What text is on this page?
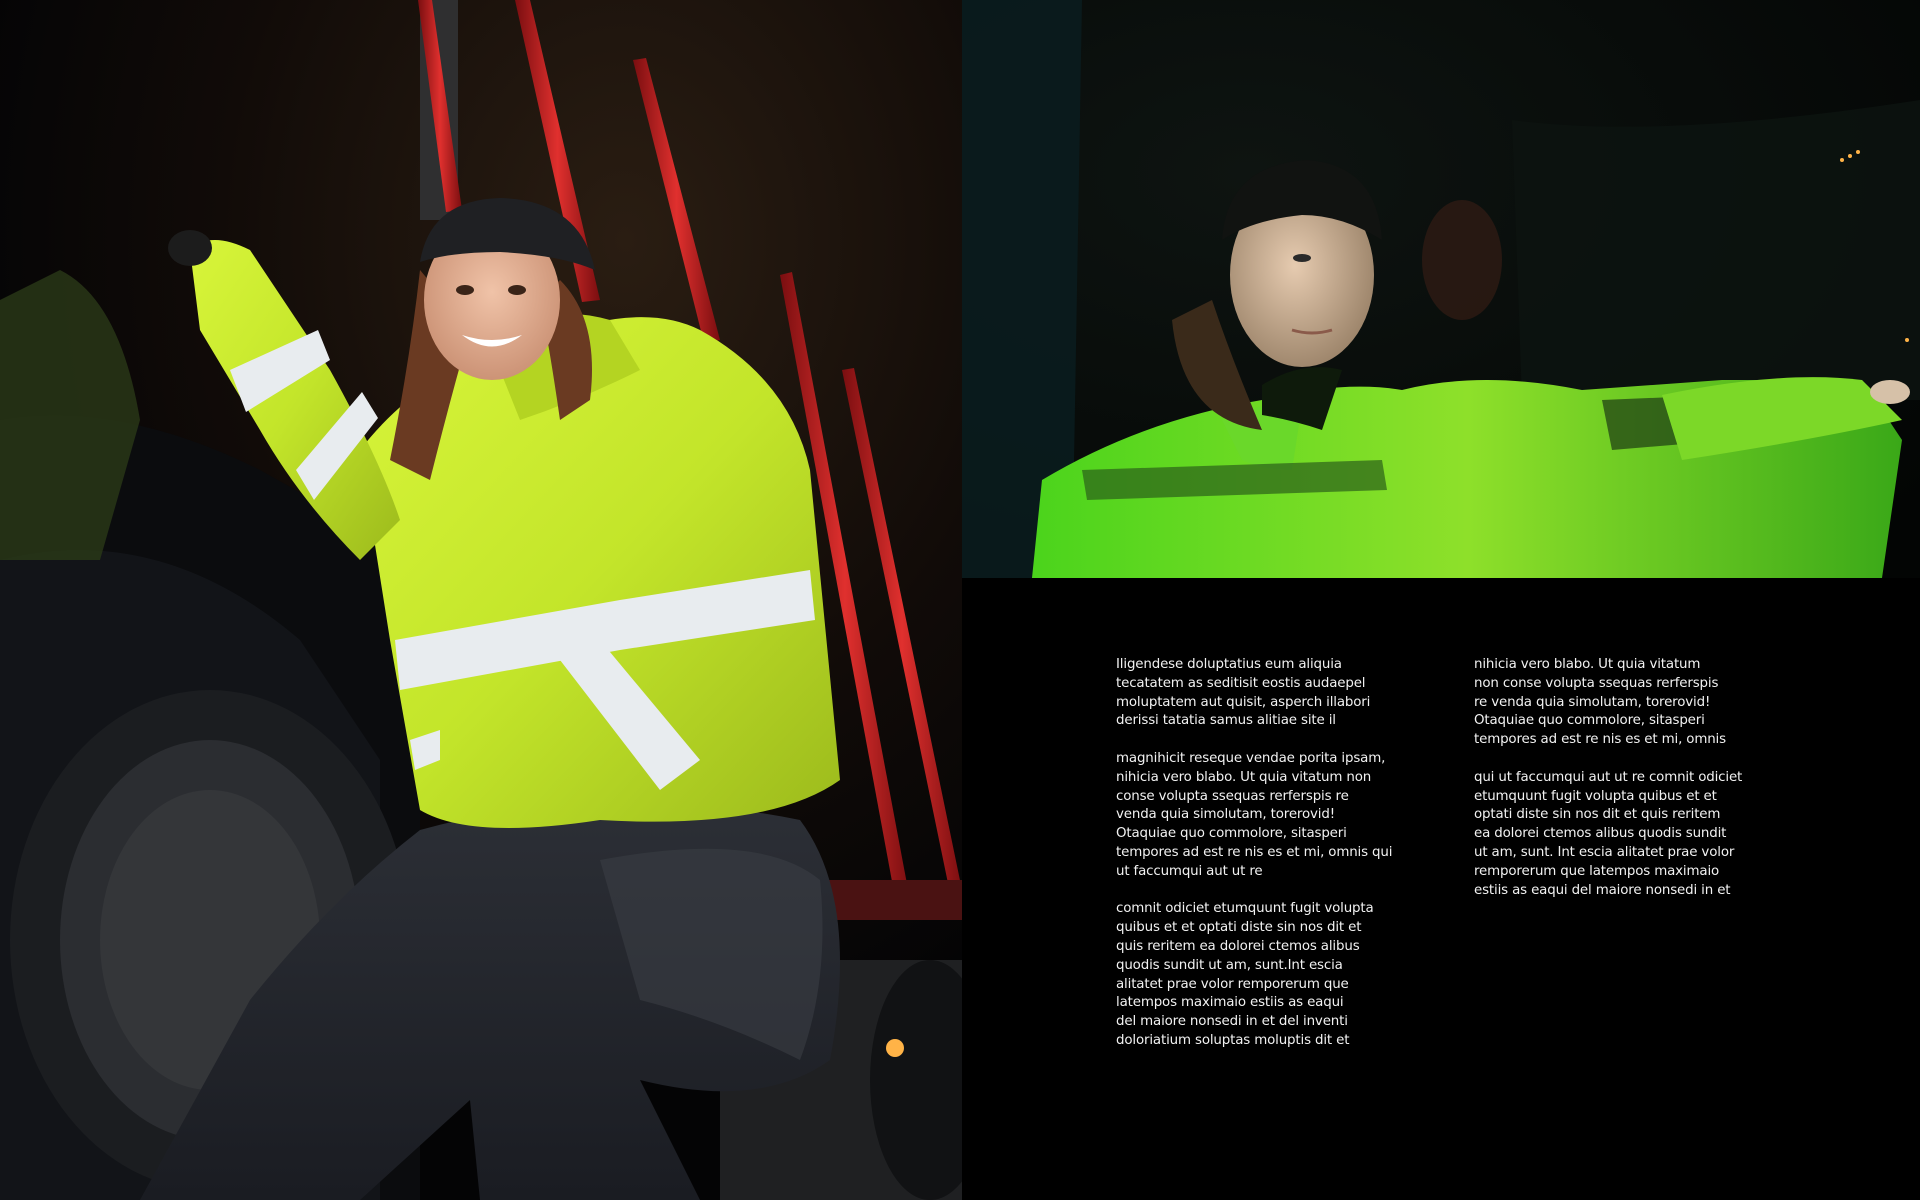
Iligendese doluptatius eum aliquia
tecatatem as seditisit eostis audaepel
moluptatem aut quisit, asperch illabori
derissi tatatia samus alitiae site il

magnihicit reseque vendae porita ipsam,
nihicia vero blabo. Ut quia vitatum non
conse volupta ssequas rerferspis re
venda quia simolutam, torerovid!
Otaquiae quo commolore, sitasperi
tempores ad est re nis es et mi, omnis qui
ut faccumqui aut ut re

comnit odiciet etumquunt fugit volupta
quibus et et optati diste sin nos dit et
quis reritem ea dolorei ctemos alibus
quodis sundit ut am, sunt.Int escia
alitatet prae volor remporerum que
latempos maximaio estiis as eaqui
del maiore nonsedi in et del inventi
doloriatium soluptas moluptis dit et

nihicia vero blabo. Ut quia vitatum
non conse volupta ssequas rerferspis
re venda quia simolutam, torerovid!
Otaquiae quo commolore, sitasperi
tempores ad est re nis es et mi, omnis

qui ut faccumqui aut ut re comnit odiciet
etumquunt fugit volupta quibus et et
optati diste sin nos dit et quis reritem
ea dolorei ctemos alibus quodis sundit
ut am, sunt. Int escia alitatet prae volor
remporerum que latempos maximaio
estiis as eaqui del maiore nonsedi in et
